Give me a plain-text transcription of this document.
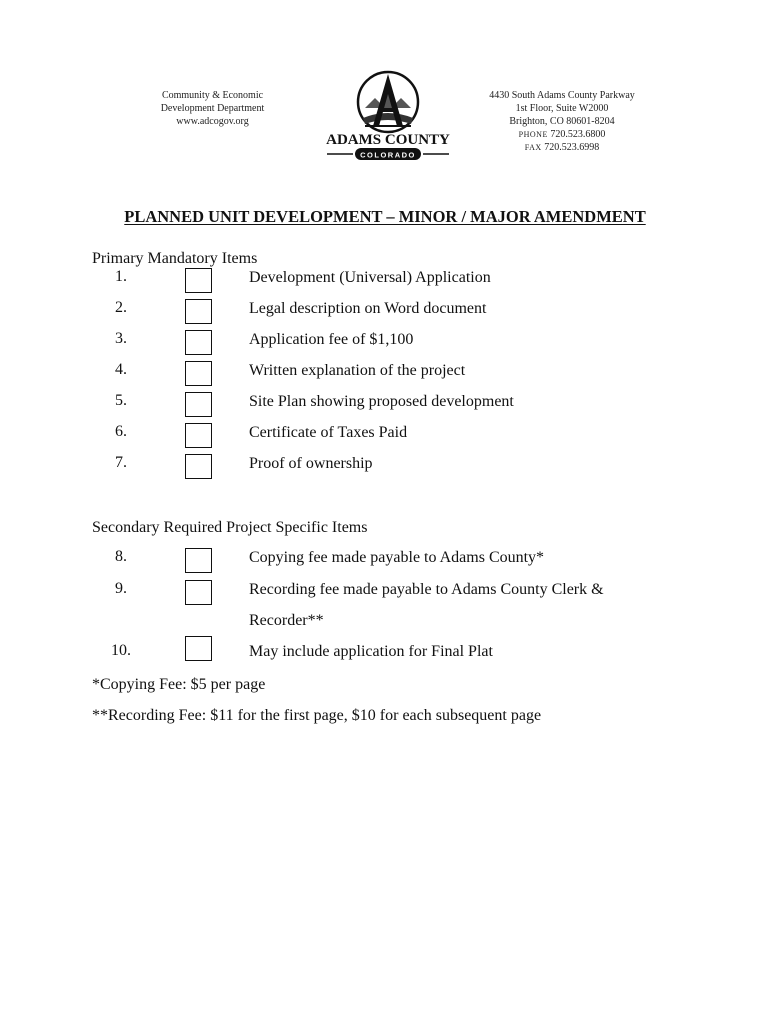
Community & Economic
Development Department
www.adcogov.org
ADAMS COUNTY
COLORADO
4430 South Adams County Parkway
1st Floor, Suite W2000
Brighton, CO 80601-8204
PHONE 720.523.6800
FAX 720.523.6998
PLANNED UNIT DEVELOPMENT – MINOR / MAJOR AMENDMENT
Primary Mandatory Items
1.	Development (Universal) Application
2.	Legal description on Word document
3.	Application fee of $1,100
4.	Written explanation of the project
5.	Site Plan showing proposed development
6.	Certificate of Taxes Paid
7.	Proof of ownership
Secondary Required Project Specific Items
8.	Copying fee made payable to Adams County*
9.	Recording fee made payable to Adams County Clerk &
Recorder**
10.	May include application for Final Plat
*Copying Fee: $5 per page
**Recording Fee: $11 for the first page, $10 for each subsequent page
